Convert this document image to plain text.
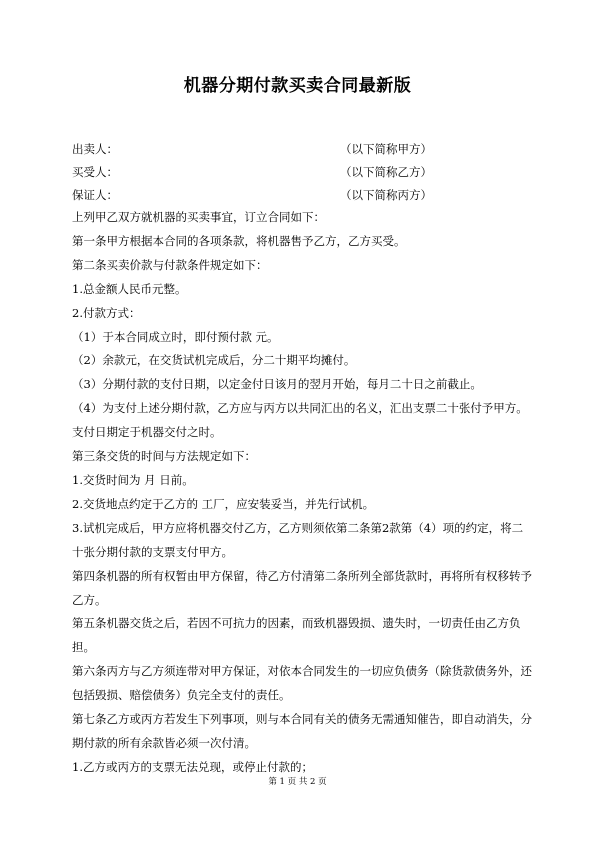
机器分期付款买卖合同最新版
出卖人：	（以下简称甲方）
买受人：	（以下简称乙方）
保证人：	（以下简称丙方）

上列甲乙双方就机器的买卖事宜，订立合同如下：

第一条甲方根据本合同的各项条款，将机器售予乙方，乙方买受。

第二条买卖价款与付款条件规定如下：

1.总金额人民币元整。

2.付款方式：

（1）于本合同成立时，即付预付款 元。

（2）余款元，在交货试机完成后，分二十期平均摊付。

（3）分期付款的支付日期，以定金付日该月的翌月开始，每月二十日之前截止。

（4）为支付上述分期付款，乙方应与丙方以共同汇出的名义，汇出支票二十张付予甲方。支付日期定于机器交付之时。

第三条交货的时间与方法规定如下：

1.交货时间为 月 日前。

2.交货地点约定于乙方的 工厂，应安装妥当，并先行试机。

3.试机完成后，甲方应将机器交付乙方，乙方则须依第二条第2款第（4）项的约定，将二十张分期付款的支票支付甲方。

第四条机器的所有权暂由甲方保留，待乙方付清第二条所列全部货款时，再将所有权移转予乙方。

第五条机器交货之后，若因不可抗力的因素，而致机器毁损、遗失时，一切责任由乙方负担。

第六条丙方与乙方须连带对甲方保证，对依本合同发生的一切应负债务（除货款债务外，还包括毁损、赔偿债务）负完全支付的责任。

第七条乙方或丙方若发生下列事项，则与本合同有关的债务无需通知催告，即自动消失，分期付款的所有余款皆必须一次付清。

1.乙方或丙方的支票无法兑现，或停止付款的；

第 1 页 共 2 页
